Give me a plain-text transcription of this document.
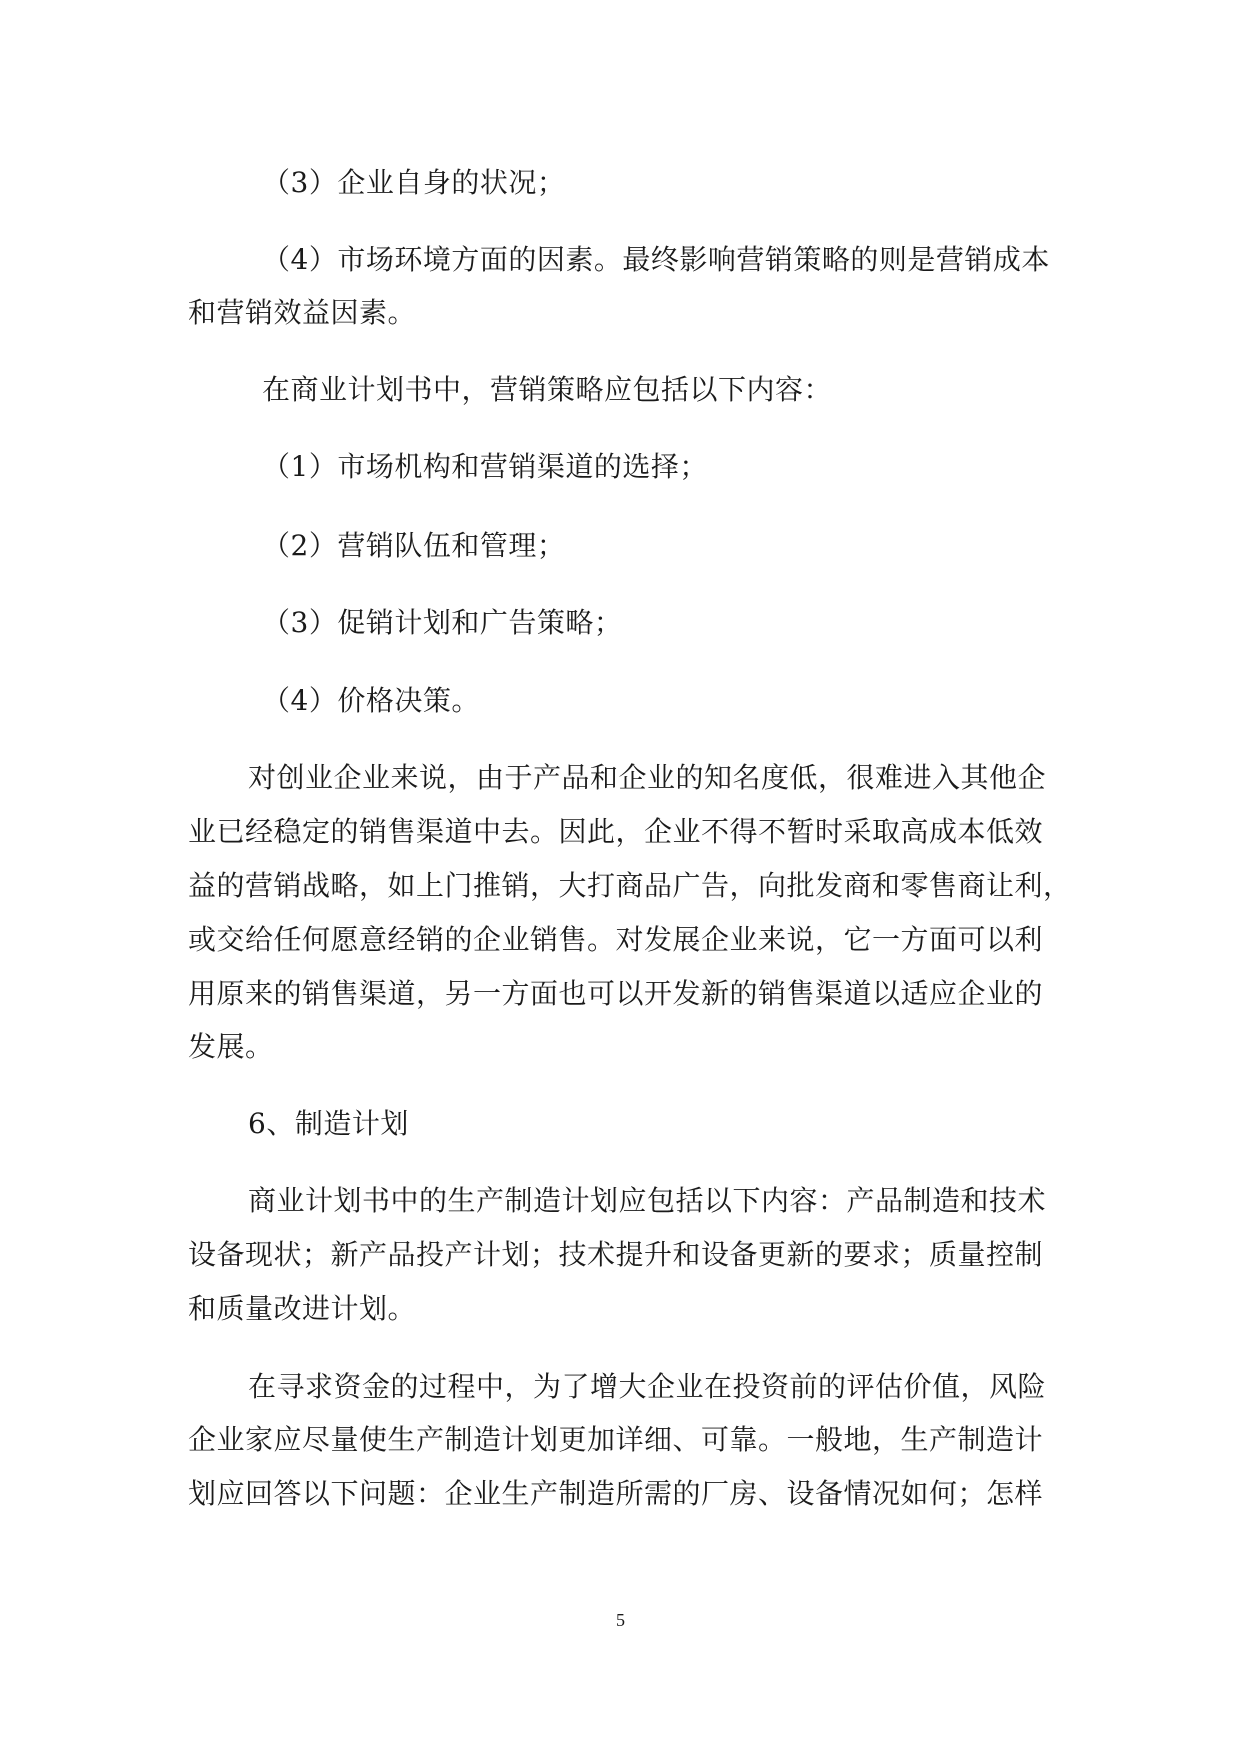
（3）企业自身的状况；
（4）市场环境方面的因素。最终影响营销策略的则是营销成本
和营销效益因素。
在商业计划书中，营销策略应包括以下内容：
（1）市场机构和营销渠道的选择；
（2）营销队伍和管理；
（3）促销计划和广告策略；
（4）价格决策。
对创业企业来说，由于产品和企业的知名度低，很难进入其他企
业已经稳定的销售渠道中去。因此，企业不得不暂时采取高成本低效
益的营销战略，如上门推销，大打商品广告，向批发商和零售商让利，
或交给任何愿意经销的企业销售。对发展企业来说，它一方面可以利
用原来的销售渠道，另一方面也可以开发新的销售渠道以适应企业的
发展。
6、制造计划
商业计划书中的生产制造计划应包括以下内容：产品制造和技术
设备现状；新产品投产计划；技术提升和设备更新的要求；质量控制
和质量改进计划。
在寻求资金的过程中，为了增大企业在投资前的评估价值，风险
企业家应尽量使生产制造计划更加详细、可靠。一般地，生产制造计
划应回答以下问题：企业生产制造所需的厂房、设备情况如何；怎样
5
